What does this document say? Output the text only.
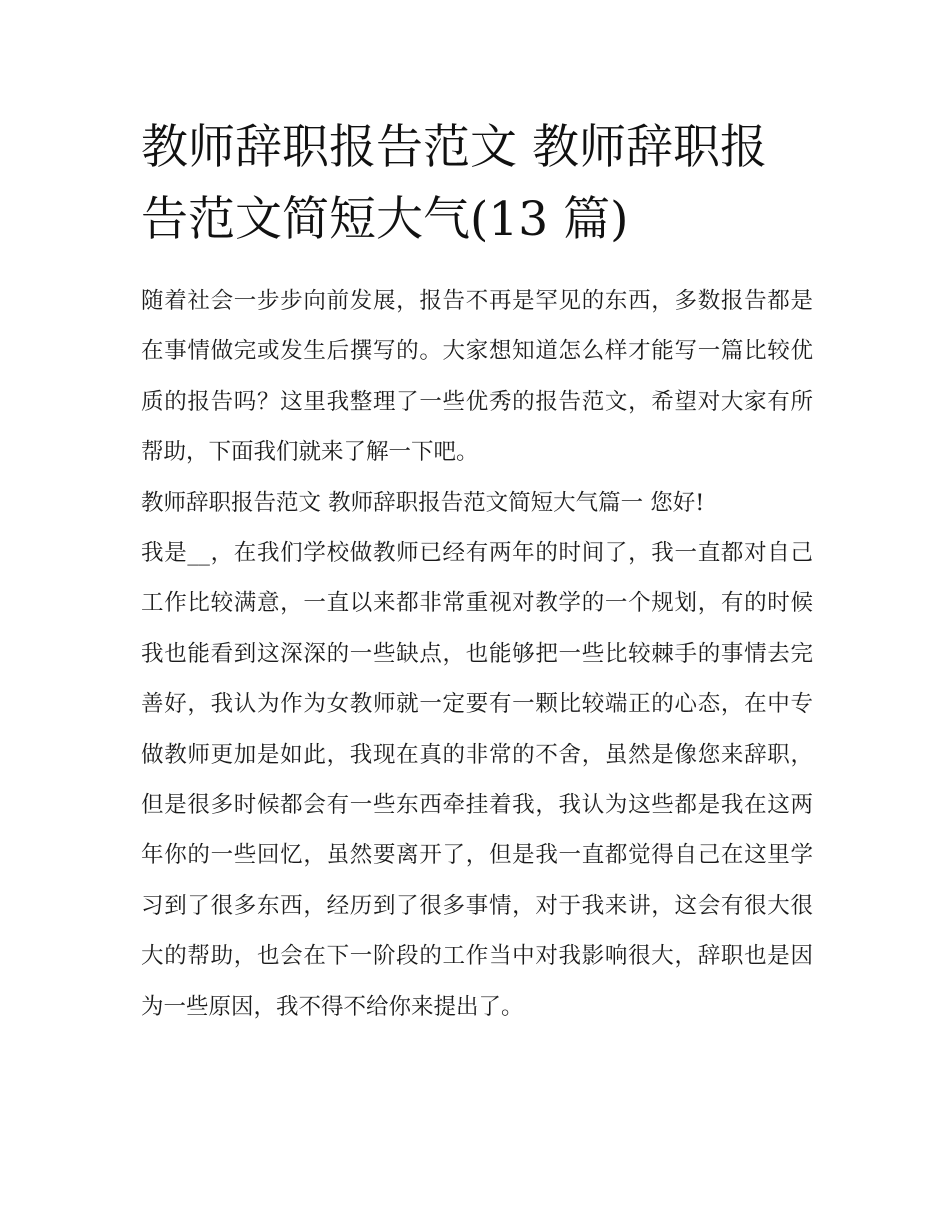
教师辞职报告范文 教师辞职报告范文简短大气(13 篇)

随着社会一步步向前发展，报告不再是罕见的东西，多数报告都是在事情做完或发生后撰写的。大家想知道怎么样才能写一篇比较优质的报告吗？这里我整理了一些优秀的报告范文，希望对大家有所帮助，下面我们就来了解一下吧。

教师辞职报告范文 教师辞职报告范文简短大气篇一 您好!

我是__，在我们学校做教师已经有两年的时间了，我一直都对自己工作比较满意，一直以来都非常重视对教学的一个规划，有的时候我也能看到这深深的一些缺点，也能够把一些比较棘手的事情去完善好，我认为作为女教师就一定要有一颗比较端正的心态，在中专做教师更加是如此，我现在真的非常的不舍，虽然是像您来辞职，但是很多时候都会有一些东西牵挂着我，我认为这些都是我在这两年你的一些回忆，虽然要离开了，但是我一直都觉得自己在这里学习到了很多东西，经历到了很多事情，对于我来讲，这会有很大很大的帮助，也会在下一阶段的工作当中对我影响很大，辞职也是因为一些原因，我不得不给你来提出了。
